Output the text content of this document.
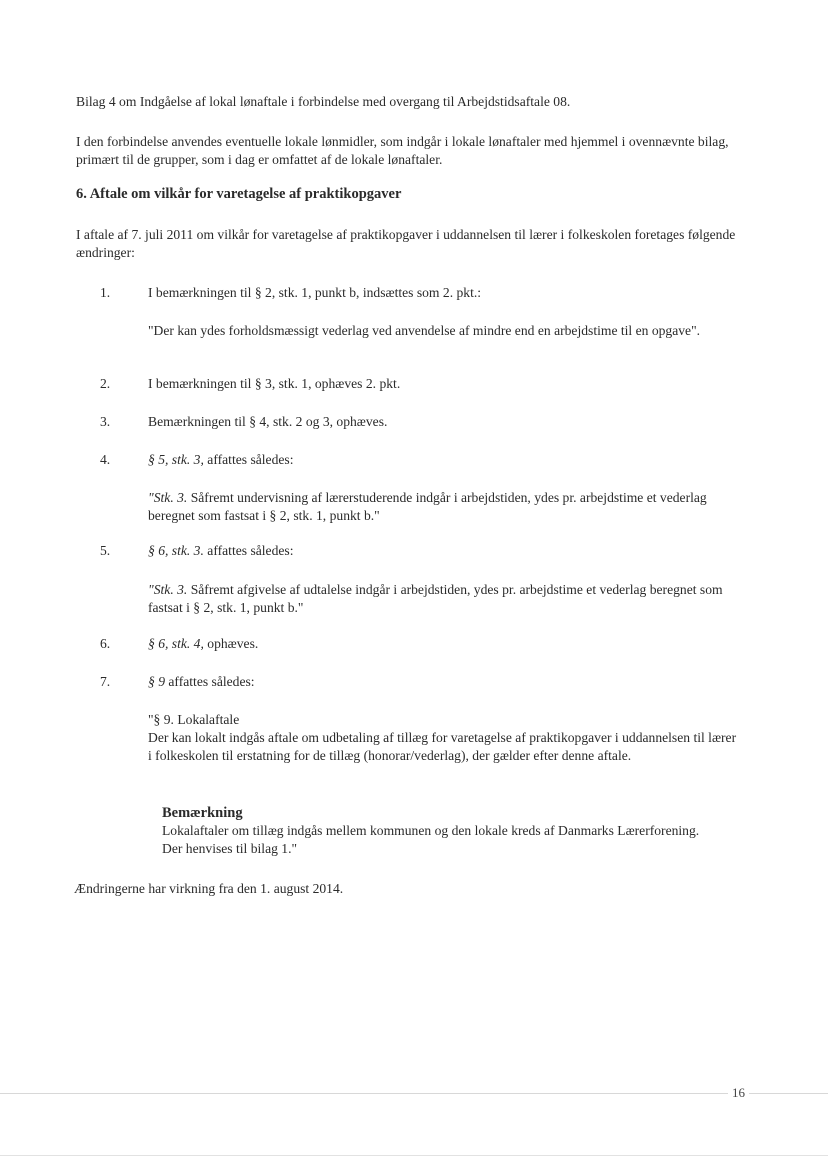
Bilag 4 om Indgåelse af lokal lønaftale i forbindelse med overgang til Arbejdstidsaftale 08.

I den forbindelse anvendes eventuelle lokale lønmidler, som indgår i lokale lønaftaler med hjemmel i ovennævnte bilag, primært til de grupper, som i dag er omfattet af de lokale lønaftaler.

6. Aftale om vilkår for varetagelse af praktikopgaver

I aftale af 7. juli 2011 om vilkår for varetagelse af praktikopgaver i uddannelsen til lærer i folkeskolen foretages følgende ændringer:

1.	I bemærkningen til § 2, stk. 1, punkt b, indsættes som 2. pkt.:

"Der kan ydes forholdsmæssigt vederlag ved anvendelse af mindre end en arbejdstime til en opgave".

2.	I bemærkningen til § 3, stk. 1, ophæves 2. pkt.
3.	Bemærkningen til § 4, stk. 2 og 3, ophæves.
4.	§ 5, stk. 3, affattes således:

"Stk. 3. Såfremt undervisning af lærerstuderende indgår i arbejdstiden, ydes pr. arbejdstime et vederlag beregnet som fastsat i § 2, stk. 1, punkt b."

5.	§ 6, stk. 3. affattes således:

"Stk. 3. Såfremt afgivelse af udtalelse indgår i arbejdstiden, ydes pr. arbejdstime et vederlag beregnet som fastsat i § 2, stk. 1, punkt b."

6.	§ 6, stk. 4, ophæves.
7.	§ 9 affattes således:

"§ 9. Lokalaftale

Der kan lokalt indgås aftale om udbetaling af tillæg for varetagelse af praktikopgaver i uddannelsen til lærer i folkeskolen til erstatning for de tillæg (honorar/vederlag), der gælder efter denne aftale.

Bemærkning

Lokalaftaler om tillæg indgås mellem kommunen og den lokale kreds af Danmarks Lærerforening. Der henvises til bilag 1."

Ændringerne har virkning fra den 1. august 2014.

16
